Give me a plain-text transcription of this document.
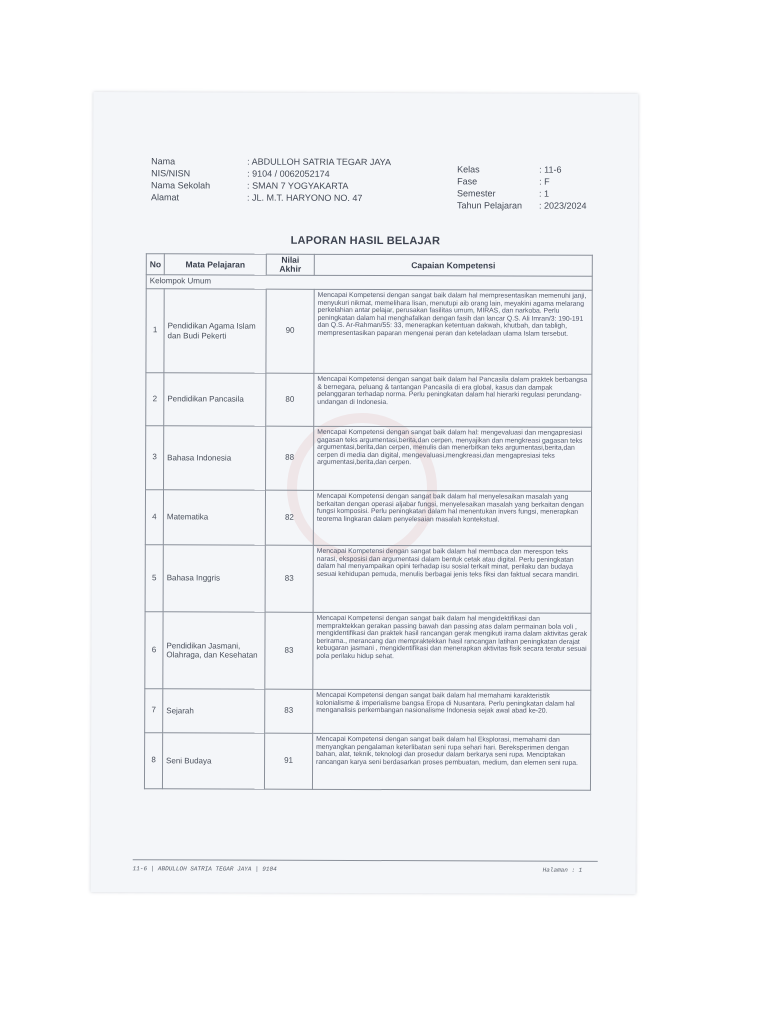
Nama	: ABDULLOH SATRIA TEGAR JAYA
NIS/NISN	: 9104 / 0062052174
Nama Sekolah	: SMAN 7 YOGYAKARTA
Alamat	: JL. M.T. HARYONO NO. 47
Kelas	: 11-6
Fase	: F
Semester	: 1
Tahun Pelajaran	: 2023/2024
LAPORAN HASIL BELAJAR
No	Mata Pelajaran	Nilai Akhir	Capaian Kompetensi
Kelompok Umum			
1	Pendidikan Agama Islam dan Budi Pekerti	90	Mencapai Kompetensi dengan sangat baik dalam hal mempresentasikan memenuhi janji, menyukuri nikmat, memelihara lisan, menutupi aib orang lain, meyakini agama melarang perkelahian antar pelajar, perusakan fasilitas umum, MIRAS, dan narkoba. Perlu peningkatan dalam hal menghafalkan dengan fasih dan lancar Q.S. Ali Imran/3: 190-191 dan Q.S. Ar-Rahman/55: 33, menerapkan ketentuan dakwah, khutbah, dan tabligh, mempresentasikan paparan mengenai peran dan keteladaan ulama Islam tersebut.
2	Pendidikan Pancasila	80	Mencapai Kompetensi dengan sangat baik dalam hal Pancasila dalam praktek berbangsa & bernegara, peluang & tantangan Pancasila di era global, kasus dan dampak pelanggaran terhadap norma. Perlu peningkatan dalam hal hierarki regulasi perundang-undangan di Indonesia.
3	Bahasa Indonesia	88	Mencapai Kompetensi dengan sangat baik dalam hal: mengevaluasi dan mengapresiasi gagasan teks argumentasi,berita,dan cerpen, menyajikan dan mengkreasi gagasan teks argumentasi,berita,dan cerpen, menulis dan menerbitkan teks argumentasi,berita,dan cerpen di media dan digital, mengevaluasi,mengkreasi,dan mengapresiasi teks argumentasi,berita,dan cerpen.
4	Matematika	82	Mencapai Kompetensi dengan sangat baik dalam hal menyelesaikan masalah yang berkaitan dengan operasi aljabar fungsi, menyelesaikan masalah yang berkaitan dengan fungsi komposisi. Perlu peningkatan dalam hal menentukan invers fungsi, menerapkan teorema lingkaran dalam penyelesaian masalah kontekstual.
5	Bahasa Inggris	83	Mencapai Kompetensi dengan sangat baik dalam hal membaca dan merespon teks narasi, eksposisi dan argumentasi dalam bentuk cetak atau digital. Perlu peningkatan dalam hal menyampaikan opini terhadap isu sosial terkait minat, perilaku dan budaya sesuai kehidupan pemuda, menulis berbagai jenis teks fiksi dan faktual secara mandiri.
6	Pendidikan Jasmani, Olahraga, dan Kesehatan	83	Mencapai Kompetensi dengan sangat baik dalam hal mengidektifikasi dan mempraktekkan gerakan passing bawah dan passing atas dalam permainan bola voli , mengidentifikasi dan praktek hasil rancangan gerak mengikuti irama dalam aktivitas gerak berirama., merancang dan mempraktekkan hasil rancangan latihan peningkatan derajat kebugaran jasmani , mengidentifikasi dan menerapkan aktivitas fisik secara teratur sesuai pola perilaku hidup sehat.
7	Sejarah	83	Mencapai Kompetensi dengan sangat baik dalam hal memahami karakteristik kolonialisme & imperialisme bangsa Eropa di Nusantara. Perlu peningkatan dalam hal menganalisis perkembangan nasionalisme Indonesia sejak awal abad ke-20.
8	Seni Budaya	91	Mencapai Kompetensi dengan sangat baik dalam hal Eksplorasi, memahami dan menyangkan pengalaman keterlibatan seni rupa sehari hari. Bereksperimen dengan bahan, alat, teknik, teknologi dan prosedur dalam berkarya seni rupa. Menciptakan rancangan karya seni berdasarkan proses pembuatan, medium, dan elemen seni rupa.
11-6 | ABDULLOH SATRIA TEGAR JAYA | 9104	Halaman : 1
